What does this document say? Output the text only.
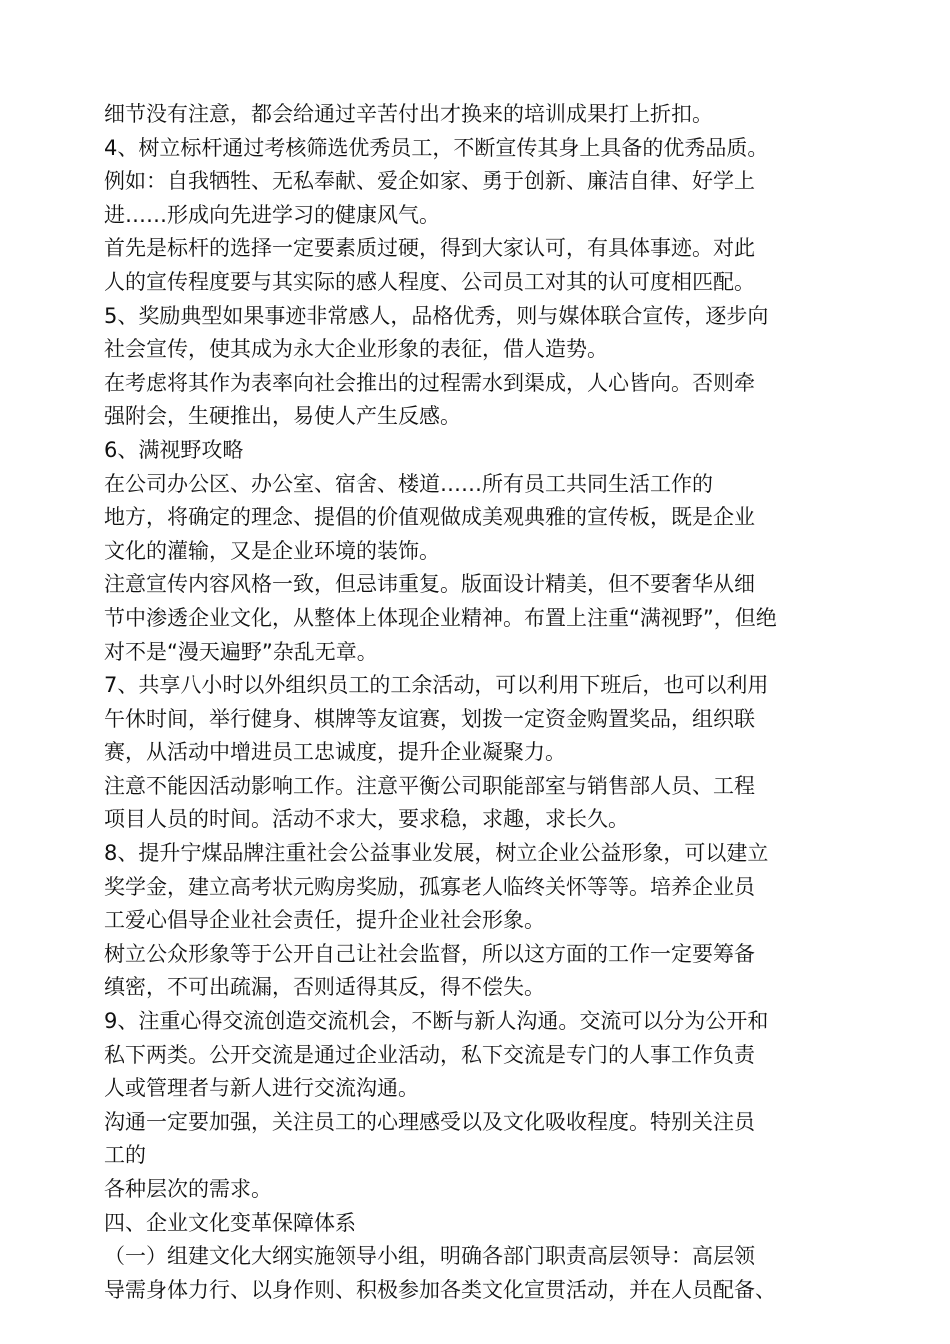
细节没有注意，都会给通过辛苦付出才换来的培训成果打上折扣。
4、树立标杆通过考核筛选优秀员工，不断宣传其身上具备的优秀品质。
例如：自我牺牲、无私奉献、爱企如家、勇于创新、廉洁自律、好学上
进……形成向先进学习的健康风气。
首先是标杆的选择一定要素质过硬，得到大家认可，有具体事迹。对此
人的宣传程度要与其实际的感人程度、公司员工对其的认可度相匹配。
5、奖励典型如果事迹非常感人，品格优秀，则与媒体联合宣传，逐步向
社会宣传，使其成为永大企业形象的表征，借人造势。
在考虑将其作为表率向社会推出的过程需水到渠成，人心皆向。否则牵
强附会，生硬推出，易使人产生反感。
6、满视野攻略
在公司办公区、办公室、宿舍、楼道……所有员工共同生活工作的
地方，将确定的理念、提倡的价值观做成美观典雅的宣传板，既是企业
文化的灌输，又是企业环境的装饰。
注意宣传内容风格一致，但忌讳重复。版面设计精美，但不要奢华从细
节中渗透企业文化，从整体上体现企业精神。布置上注重“满视野”，但绝
对不是“漫天遍野”杂乱无章。
7、共享八小时以外组织员工的工余活动，可以利用下班后，也可以利用
午休时间，举行健身、棋牌等友谊赛，划拨一定资金购置奖品，组织联
赛，从活动中增进员工忠诚度，提升企业凝聚力。
注意不能因活动影响工作。注意平衡公司职能部室与销售部人员、工程
项目人员的时间。活动不求大，要求稳，求趣，求长久。
8、提升宁煤品牌注重社会公益事业发展，树立企业公益形象，可以建立
奖学金，建立高考状元购房奖励，孤寡老人临终关怀等等。培养企业员
工爱心倡导企业社会责任，提升企业社会形象。
树立公众形象等于公开自己让社会监督，所以这方面的工作一定要筹备
缜密，不可出疏漏，否则适得其反，得不偿失。
9、注重心得交流创造交流机会，不断与新人沟通。交流可以分为公开和
私下两类。公开交流是通过企业活动，私下交流是专门的人事工作负责
人或管理者与新人进行交流沟通。
沟通一定要加强，关注员工的心理感受以及文化吸收程度。特别关注员
工的
各种层次的需求。
四、企业文化变革保障体系
（一）组建文化大纲实施领导小组，明确各部门职责高层领导：高层领
导需身体力行、以身作则、积极参加各类文化宣贯活动，并在人员配备、
